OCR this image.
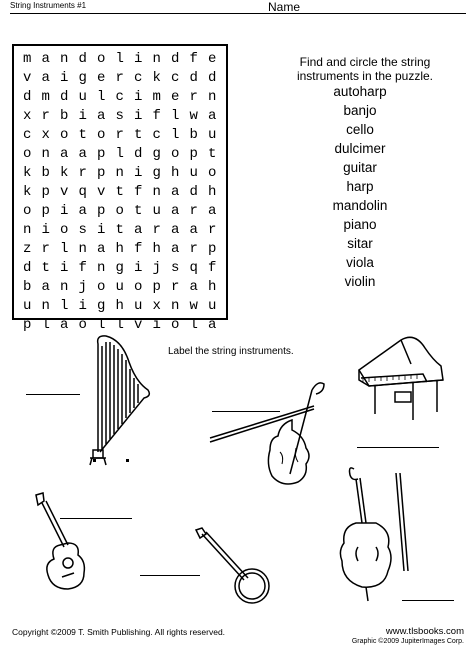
String Instruments #1	Name
m a n d o l i n d f e
v a i g e r c k c d d
d m d u l c i m e r n
x r b i a s i f l w a
c x o t o r t c l b u
o n a a p l d g o p t
k b k r p n i g h u o
k p v q v t f n a d h
o p i a p o t u a r a
n i o s i t a r a a r
z r l n a h f h a r p
d t i f n g i j s q f
b a n j o u o p r a h
u n l i g h u x n w u
p l a o l l v i o l a
Find and circle the string instruments in the puzzle.
autoharp
banjo
cello
dulcimer
guitar
harp
mandolin
piano
sitar
viola
violin
Label the string instruments.
Copyright ©2009 T. Smith Publishing. All rights reserved.	www.tlsbooks.com
Graphic ©2009 JupiterImages Corp.
